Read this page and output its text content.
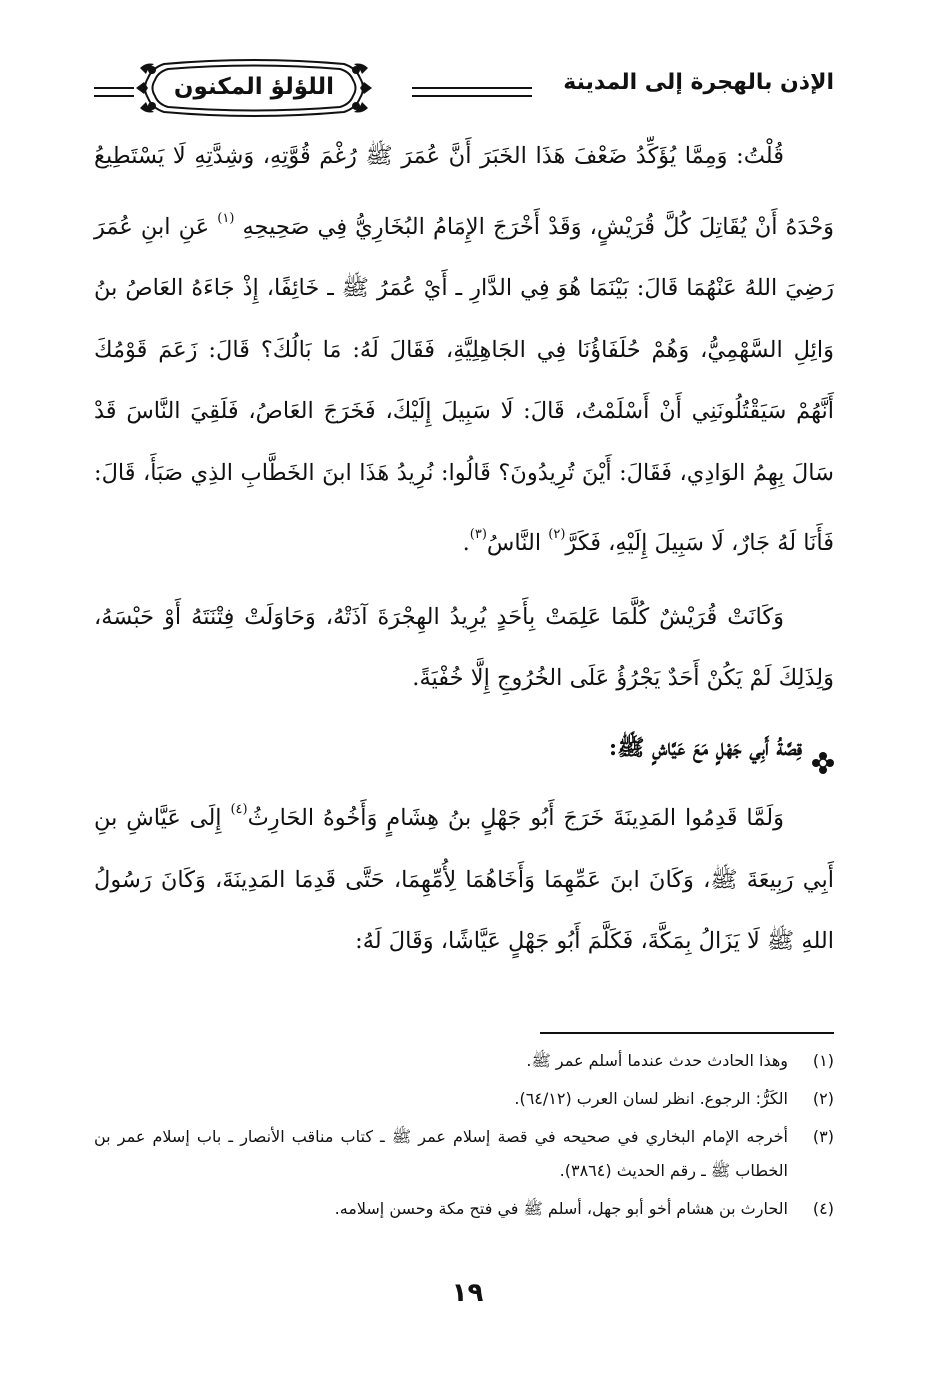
الإذن بالهجرة إلى المدينة
اللؤلؤ المكنون

قُلْتُ: وَمِمَّا يُؤَكِّدُ ضَعْفَ هَذَا الخَبَرَ أَنَّ عُمَرَ ﷺ رُغْمَ قُوَّتِهِ، وَشِدَّتِهِ لَا يَسْتَطِيعُ وَحْدَهُ أَنْ يُقَاتِلَ كُلَّ قُرَيْشٍ، وَقَدْ أَخْرَجَ الإِمَامُ البُخَارِيُّ فِي صَحِيحِهِ $^{(١)}$ عَنِ ابنِ عُمَرَ رَضِيَ اللهُ عَنْهُمَا قَالَ: بَيْنَمَا هُوَ فِي الدَّارِ ـ أَيْ عُمَرُ ﷺ ـ خَائِفًا، إِذْ جَاءَهُ العَاصُ بنُ وَائِلِ السَّهْمِيُّ، وَهُمْ حُلَفَاؤُنَا فِي الجَاهِلِيَّةِ، فَقَالَ لَهُ: مَا بَالُكَ؟ قَالَ: زَعَمَ قَوْمُكَ أَنَّهُمْ سَيَقْتُلُونَنِي أَنْ أَسْلَمْتُ، قَالَ: لَا سَبِيلَ إِلَيْكَ، فَخَرَجَ العَاصُ، فَلَقِيَ النَّاسَ قَدْ سَالَ بِهِمُ الوَادِي، فَقَالَ: أَيْنَ تُرِيدُونَ؟ قَالُوا: نُرِيدُ هَذَا ابنَ الخَطَّابِ الذِي صَبَأَ، قَالَ: فَأَنَا لَهُ جَارٌ، لَا سَبِيلَ إِلَيْهِ، فَكَرَّ$^{(٢)}$ النَّاسُ$^{(٣)}$.

وَكَانَتْ قُرَيْشٌ كُلَّمَا عَلِمَتْ بِأَحَدٍ يُرِيدُ الهِجْرَةَ آذَتْهُ، وَحَاوَلَتْ فِتْنَتَهُ أَوْ حَبْسَهُ، وَلِذَلِكَ لَمْ يَكُنْ أَحَدٌ يَجْرُؤُ عَلَى الخُرُوجِ إِلَّا خُفْيَةً.

قِصَّةُ أَبِي جَهْلٍ مَعَ عَيَّاشٍ ﷺ:

وَلَمَّا قَدِمُوا المَدِينَةَ خَرَجَ أَبُو جَهْلٍ بنُ هِشَامٍ وَأَخُوهُ الحَارِثُ$^{(٤)}$ إِلَى عَيَّاشِ بنِ أَبِي رَبِيعَةَ ﷺ، وَكَانَ ابنَ عَمِّهِمَا وَأَخَاهُمَا لِأُمِّهِمَا، حَتَّى قَدِمَا المَدِينَةَ، وَكَانَ رَسُولُ اللهِ ﷺ لَا يَزَالُ بِمَكَّةَ، فَكَلَّمَ أَبُو جَهْلٍ عَيَّاشًا، وَقَالَ لَهُ:

(١)
وهذا الحادث حدث عندما أسلم عمر ﷺ.
(٢)
الكَرُّ: الرجوع. انظر لسان العرب (٦٤/١٢).
(٣)
أخرجه الإمام البخاري في صحيحه في قصة إسلام عمر ﷺ ـ كتاب مناقب الأنصار ـ باب إسلام عمر بن الخطاب ﷺ ـ رقم الحديث (٣٨٦٤).
(٤)
الحارث بن هشام أخو أبو جهل، أسلم ﷺ في فتح مكة وحسن إسلامه.
١٩
